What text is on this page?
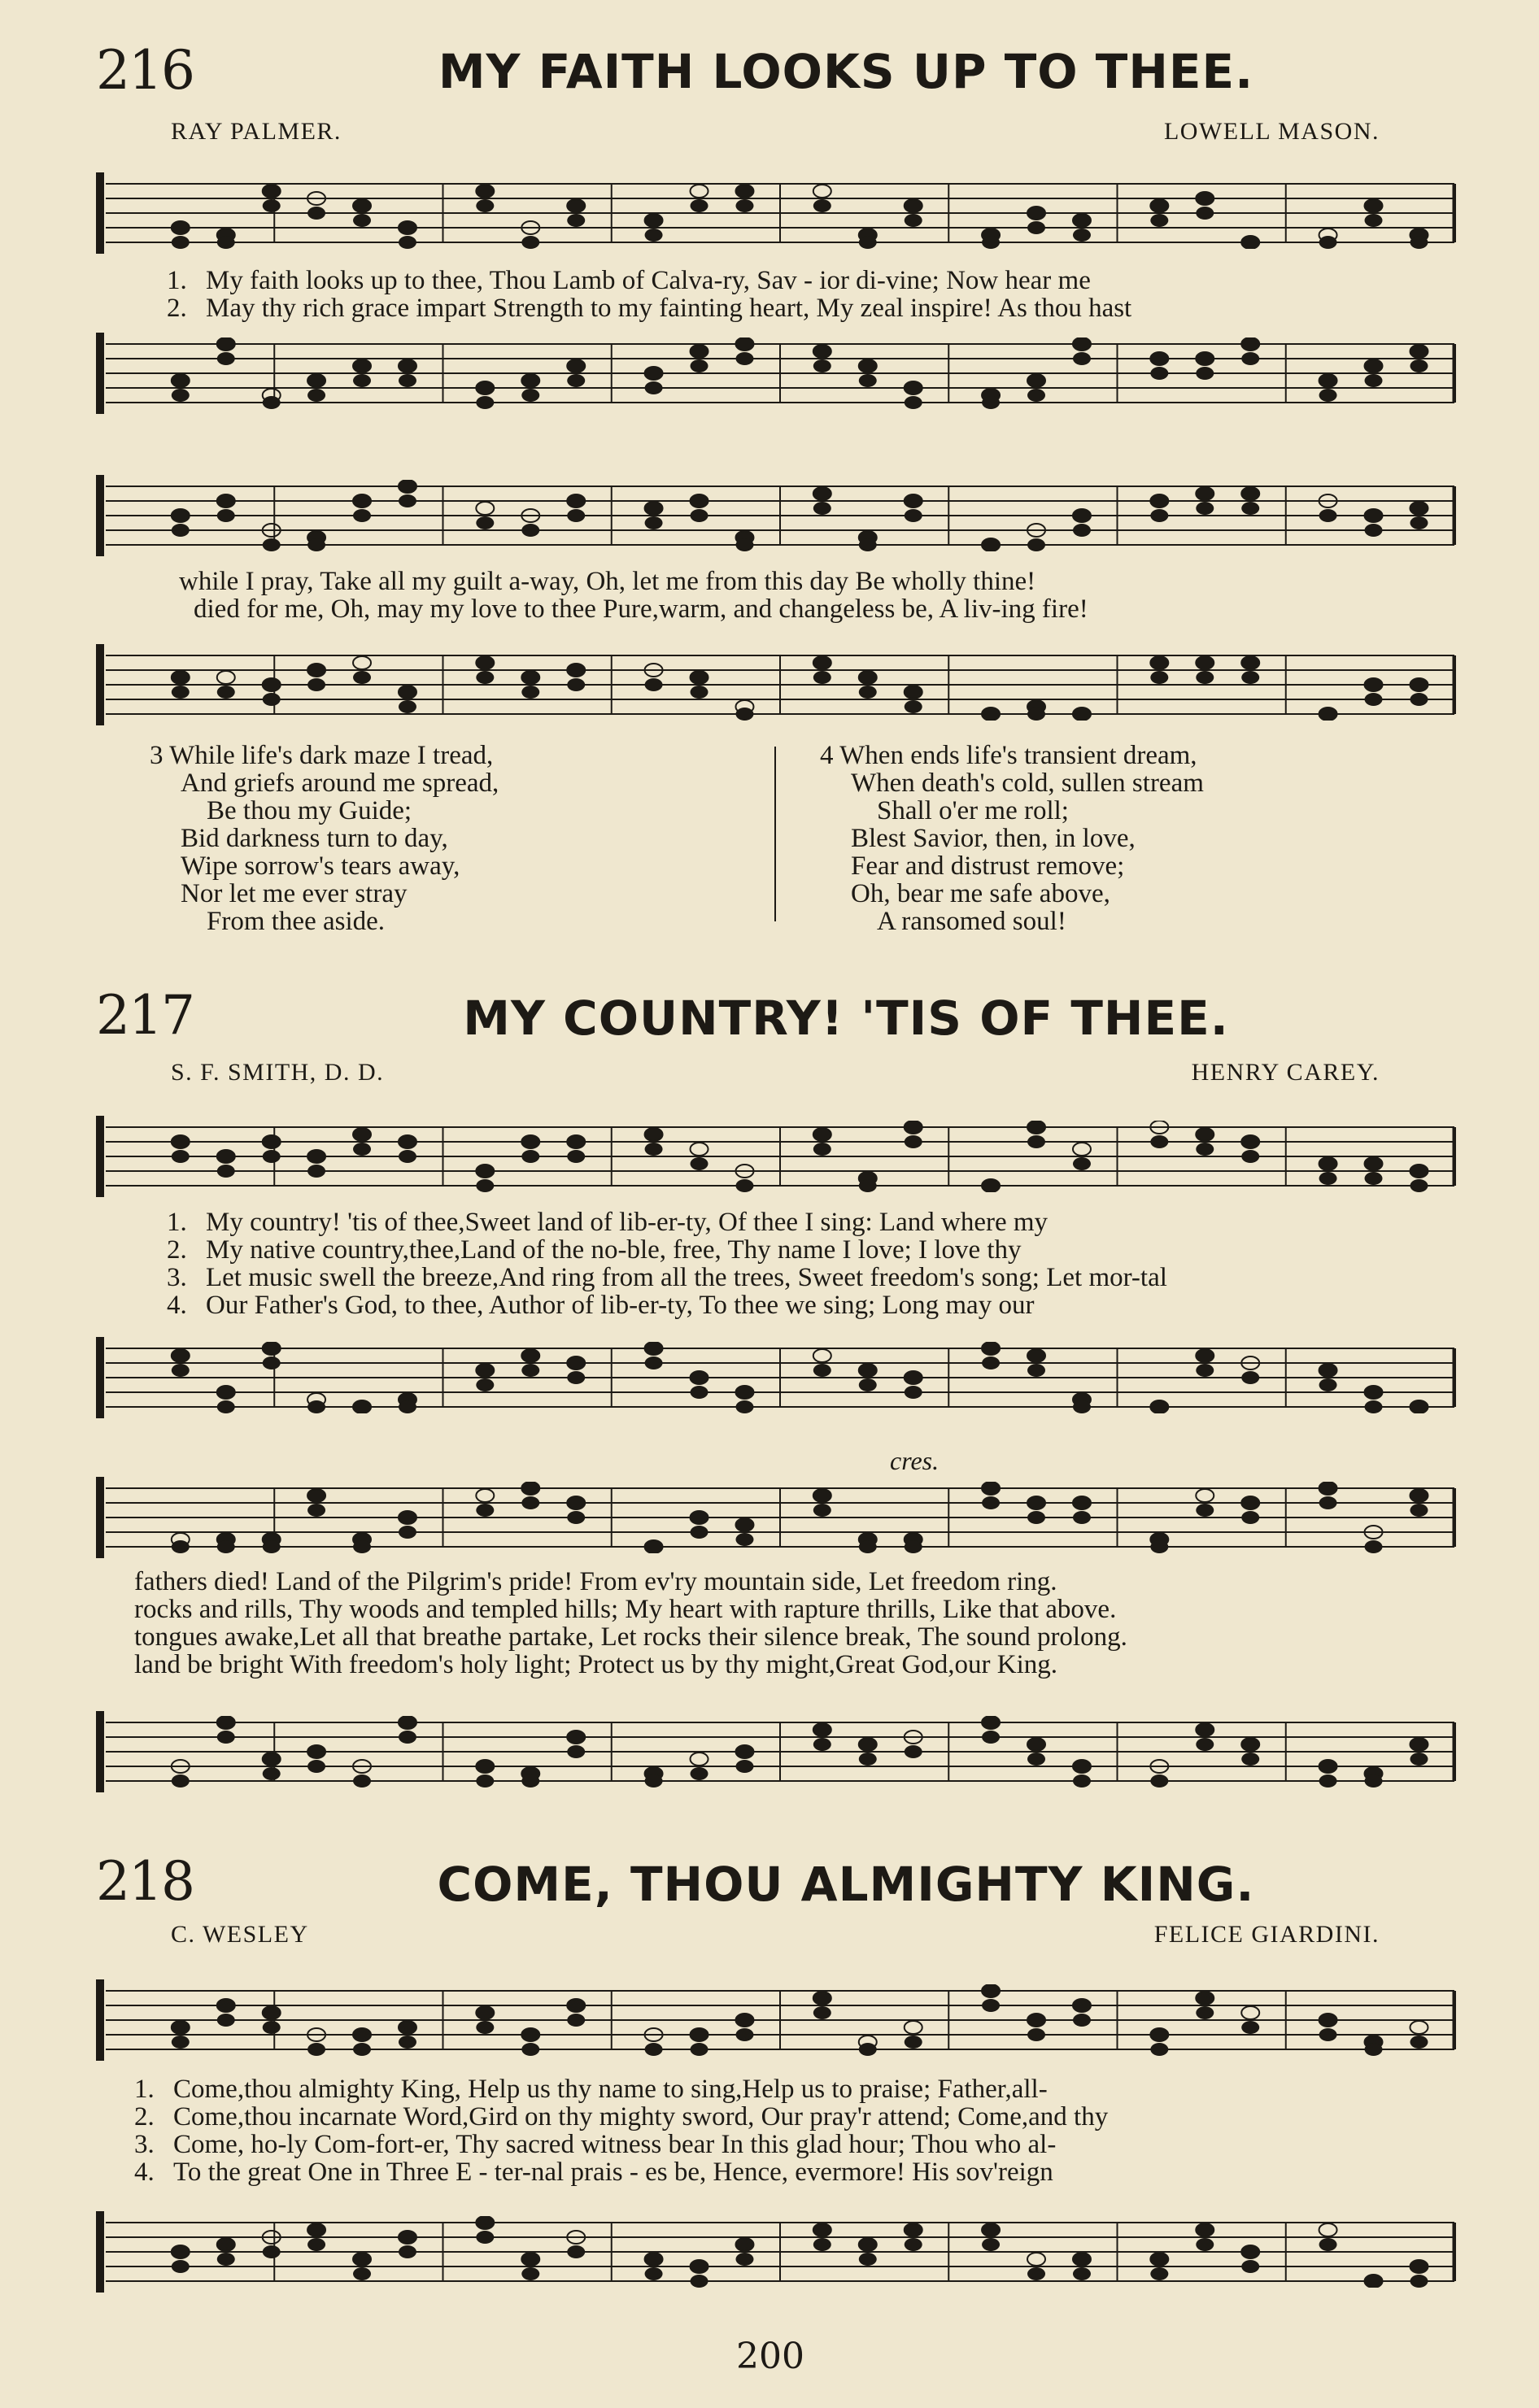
216	MY FAITH LOOKS UP TO THEE.
RAY PALMER.	LOWELL MASON.
1. My faith looks up to thee, Thou Lamb of Calva-ry, Sav - ior di-vine; Now hear me
2. May thy rich grace impart Strength to my fainting heart, My zeal inspire! As thou hast
while I pray, Take all my guilt a-way, Oh, let me from this day Be wholly thine!
died for me, Oh, may my love to thee Pure,warm, and changeless be, A liv-ing fire!
3 While life's dark maze I tread,
And griefs around me spread,
Be thou my Guide;
Bid darkness turn to day,
Wipe sorrow's tears away,
Nor let me ever stray
From thee aside.
4 When ends life's transient dream,
When death's cold, sullen stream
Shall o'er me roll;
Blest Savior, then, in love,
Fear and distrust remove;
Oh, bear me safe above,
A ransomed soul!
217	MY COUNTRY! 'TIS OF THEE.
S. F. SMITH, D. D.	HENRY CAREY.
1. My country! 'tis of thee,Sweet land of lib-er-ty, Of thee I sing: Land where my
2. My native country,thee,Land of the no-ble, free, Thy name I love; I love thy
3. Let music swell the breeze,And ring from all the trees, Sweet freedom's song; Let mor-tal
4. Our Father's God, to thee, Author of lib-er-ty, To thee we sing; Long may our
cres.
fathers died! Land of the Pilgrim's pride! From ev'ry mountain side, Let freedom ring.
rocks and rills, Thy woods and templed hills; My heart with rapture thrills, Like that above.
tongues awake,Let all that breathe partake, Let rocks their silence break, The sound prolong.
land be bright With freedom's holy light; Protect us by thy might,Great God,our King.
218	COME, THOU ALMIGHTY KING.
C. WESLEY	FELICE GIARDINI.
1. Come,thou almighty King, Help us thy name to sing,Help us to praise; Father,all-
2. Come,thou incarnate Word,Gird on thy mighty sword, Our pray'r attend; Come,and thy
3. Come, ho-ly Com-fort-er, Thy sacred witness bear In this glad hour; Thou who al-
4. To the great One in Three E - ter-nal prais - es be, Hence, evermore! His sov'reign
200
